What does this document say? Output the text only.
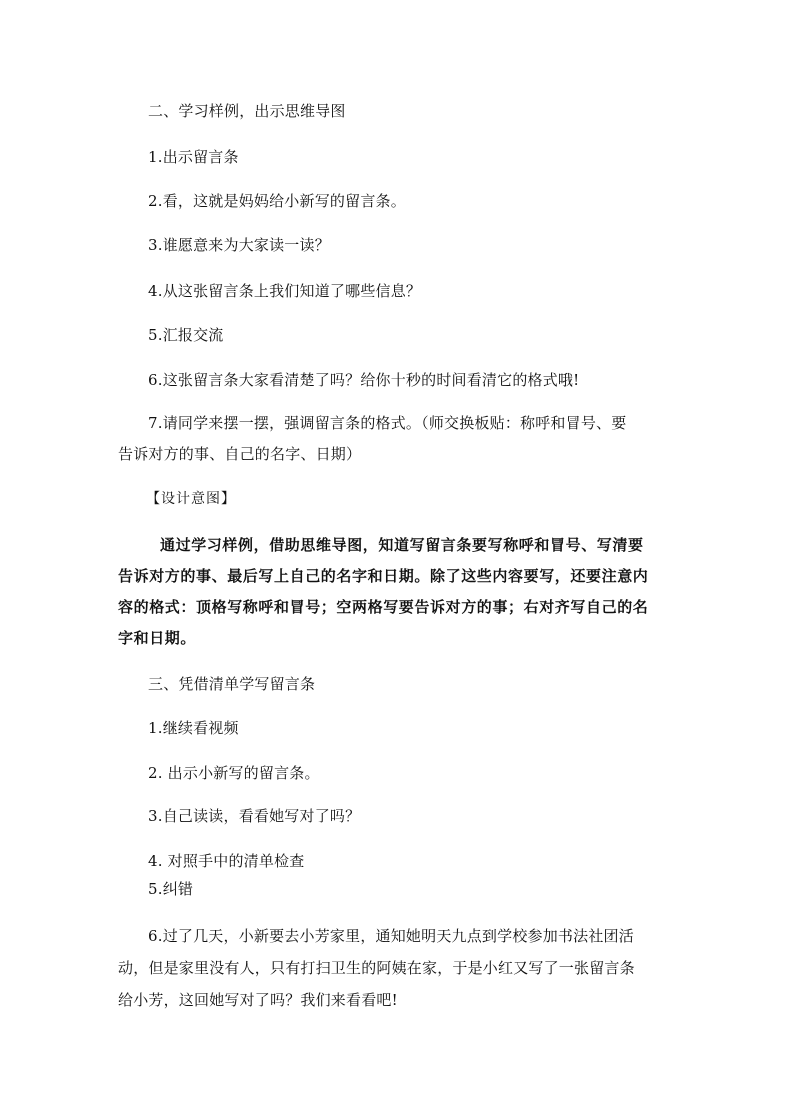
二、学习样例，出示思维导图
1.出示留言条
2.看，这就是妈妈给小新写的留言条。
3.谁愿意来为大家读一读？
4.从这张留言条上我们知道了哪些信息？
5.汇报交流
6.这张留言条大家看清楚了吗？给你十秒的时间看清它的格式哦!
7.请同学来摆一摆，强调留言条的格式。（师交换板贴：称呼和冒号、要
告诉对方的事、自己的名字、日期）
【设计意图】
通过学习样例，借助思维导图，知道写留言条要写称呼和冒号、写清要
告诉对方的事、最后写上自己的名字和日期。除了这些内容要写，还要注意内
容的格式：顶格写称呼和冒号；空两格写要告诉对方的事；右对齐写自己的名
字和日期。
三、凭借清单学写留言条
1.继续看视频
2. 出示小新写的留言条。
3.自己读读，看看她写对了吗？
4. 对照手中的清单检查
5.纠错
6.过了几天，小新要去小芳家里，通知她明天九点到学校参加书法社团活
动，但是家里没有人，只有打扫卫生的阿姨在家，于是小红又写了一张留言条
给小芳，这回她写对了吗？我们来看看吧!
